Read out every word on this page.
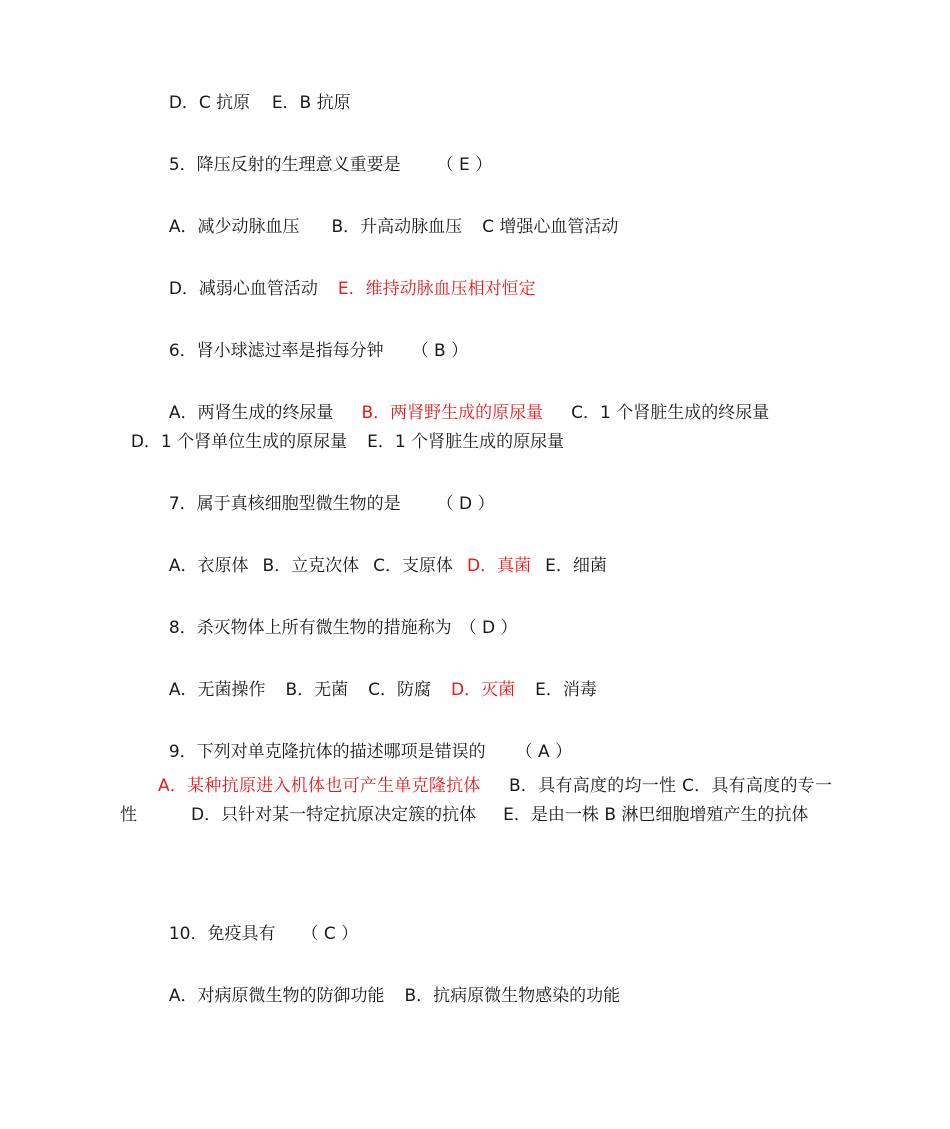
D．C 抗原 E．B 抗原

5．降压反射的生理意义重要是 （ E ）

A．减少动脉血压 B．升高动脉血压 C 增强心血管活动

D．减弱心血管活动 E．维持动脉血压相对恒定

6．肾小球滤过率是指每分钟 （ B ）

A．两肾生成的终尿量 B．两肾野生成的原尿量 C．1 个肾脏生成的终尿量

D．1 个肾单位生成的原尿量 E．1 个肾脏生成的原尿量

7．属于真核细胞型微生物的是 （ D ）

A．衣原体 B．立克次体 C．支原体 D．真菌 E．细菌

8．杀灭物体上所有微生物的措施称为 （ D ）

A．无菌操作 B．无菌 C．防腐 D．灭菌 E．消毒

9．下列对单克隆抗体的描述哪项是错误的 （ A ）

A．某种抗原进入机体也可产生单克隆抗体 B．具有高度的均一性 C．具有高度的专一性	D．只针对某一特定抗原决定簇的抗体 E．是由一株 B 淋巴细胞增殖产生的抗体

10．免疫具有 （ C ）

A．对病原微生物的防御功能 B．抗病原微生物感染的功能
